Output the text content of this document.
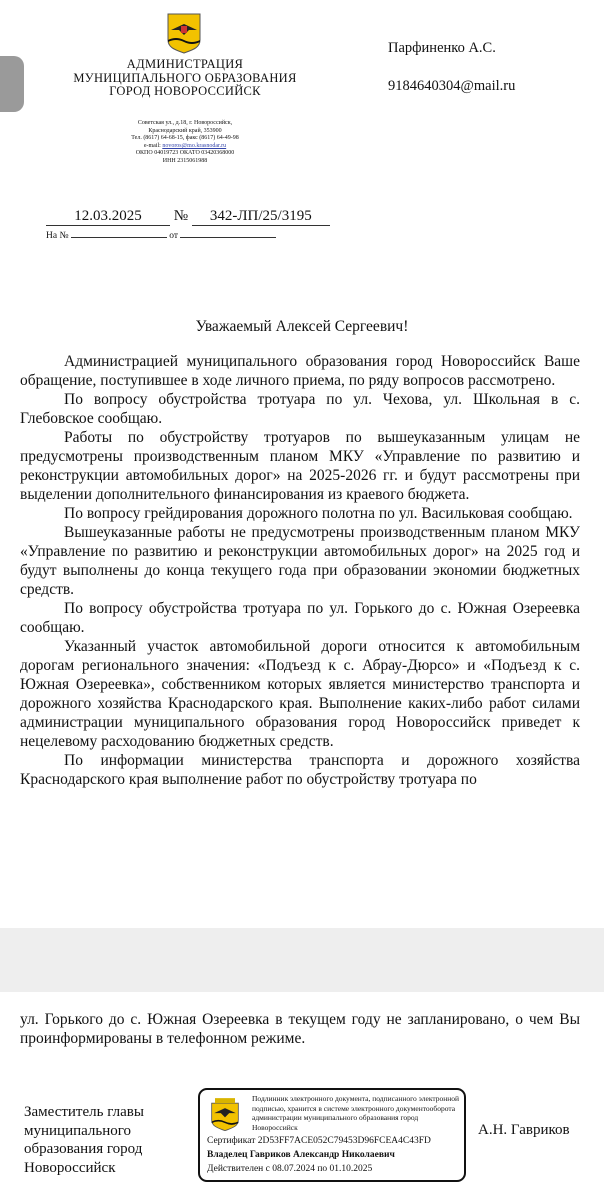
АДМИНИСТРАЦИЯ
МУНИЦИПАЛЬНОГО ОБРАЗОВАНИЯ
ГОРОД НОВОРОССИЙСК
Советская ул., д.18, г. Новороссийск,
Краснодарский край, 353900
Тел. (8617) 64-68-15, факс (8617) 64-49-98
e-mail: novoros@mo.krasnodar.ru
ОКПО 04019723 ОКАТО 03420368000
ИНН 2315061988
Парфиненко А.С.
9184640304@mail.ru
12.03.2025 № 342-ЛП/25/3195
На №	от
Уважаемый Алексей Сергеевич!

Администрацией муниципального образования город Новороссийск Ваше обращение, поступившее в ходе личного приема, по ряду вопросов рассмотрено.

По вопросу обустройства тротуара по ул. Чехова, ул. Школьная в с. Глебовское сообщаю.

Работы по обустройству тротуаров по вышеуказанным улицам не предусмотрены производственным планом МКУ «Управление по развитию и реконструкции автомобильных дорог» на 2025-2026 гг. и будут рассмотрены при выделении дополнительного финансирования из краевого бюджета.

По вопросу грейдирования дорожного полотна по ул. Васильковая сообщаю.

Вышеуказанные работы не предусмотрены производственным планом МКУ «Управление по развитию и реконструкции автомобильных дорог» на 2025 год и будут выполнены до конца текущего года при образовании экономии бюджетных средств.

По вопросу обустройства тротуара по ул. Горького до с. Южная Озереевка сообщаю.

Указанный участок автомобильной дороги относится к автомобильным дорогам регионального значения: «Подъезд к с. Абрау-Дюрсо» и «Подъезд к с. Южная Озереевка», собственником которых является министерство транспорта и дорожного хозяйства Краснодарского края. Выполнение каких-либо работ силами администрации муниципального образования город Новороссийск приведет к нецелевому расходованию бюджетных средств.

По информации министерства транспорта и дорожного хозяйства Краснодарского края выполнение работ по обустройству тротуара по

ул. Горького до с. Южная Озереевка в текущем году не запланировано, о чем Вы проинформированы в телефонном режиме.
Заместитель главы
муниципального
образования город
Новороссийск
Подлинник электронного документа, подписанного электронной подписью, хранится в системе электронного документооборота администрации муниципального образования город Новороссийск
Сертификат 2D53FF7ACE052C79453D96FCEA4C43FD
Владелец Гавриков Александр Николаевич
Действителен с 08.07.2024 по 01.10.2025
А.Н. Гавриков
